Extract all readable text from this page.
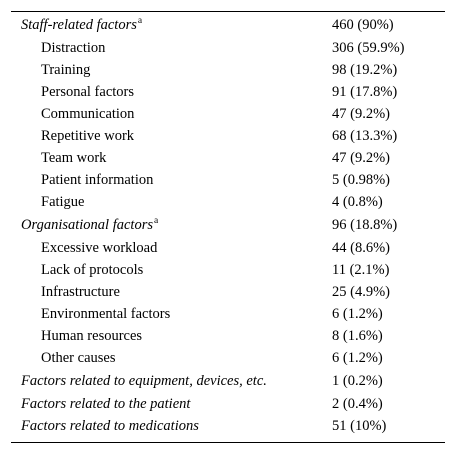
Staff-related factors$^a$	460 (90%)
Distraction	306 (59.9%)
Training	98 (19.2%)
Personal factors	91 (17.8%)
Communication	47 (9.2%)
Repetitive work	68 (13.3%)
Team work	47 (9.2%)
Patient information	5 (0.98%)
Fatigue	4 (0.8%)
Organisational factors$^a$	96 (18.8%)
Excessive workload	44 (8.6%)
Lack of protocols	11 (2.1%)
Infrastructure	25 (4.9%)
Environmental factors	6 (1.2%)
Human resources	8 (1.6%)
Other causes	6 (1.2%)
Factors related to equipment, devices, etc.	1 (0.2%)
Factors related to the patient	2 (0.4%)
Factors related to medications	51 (10%)
